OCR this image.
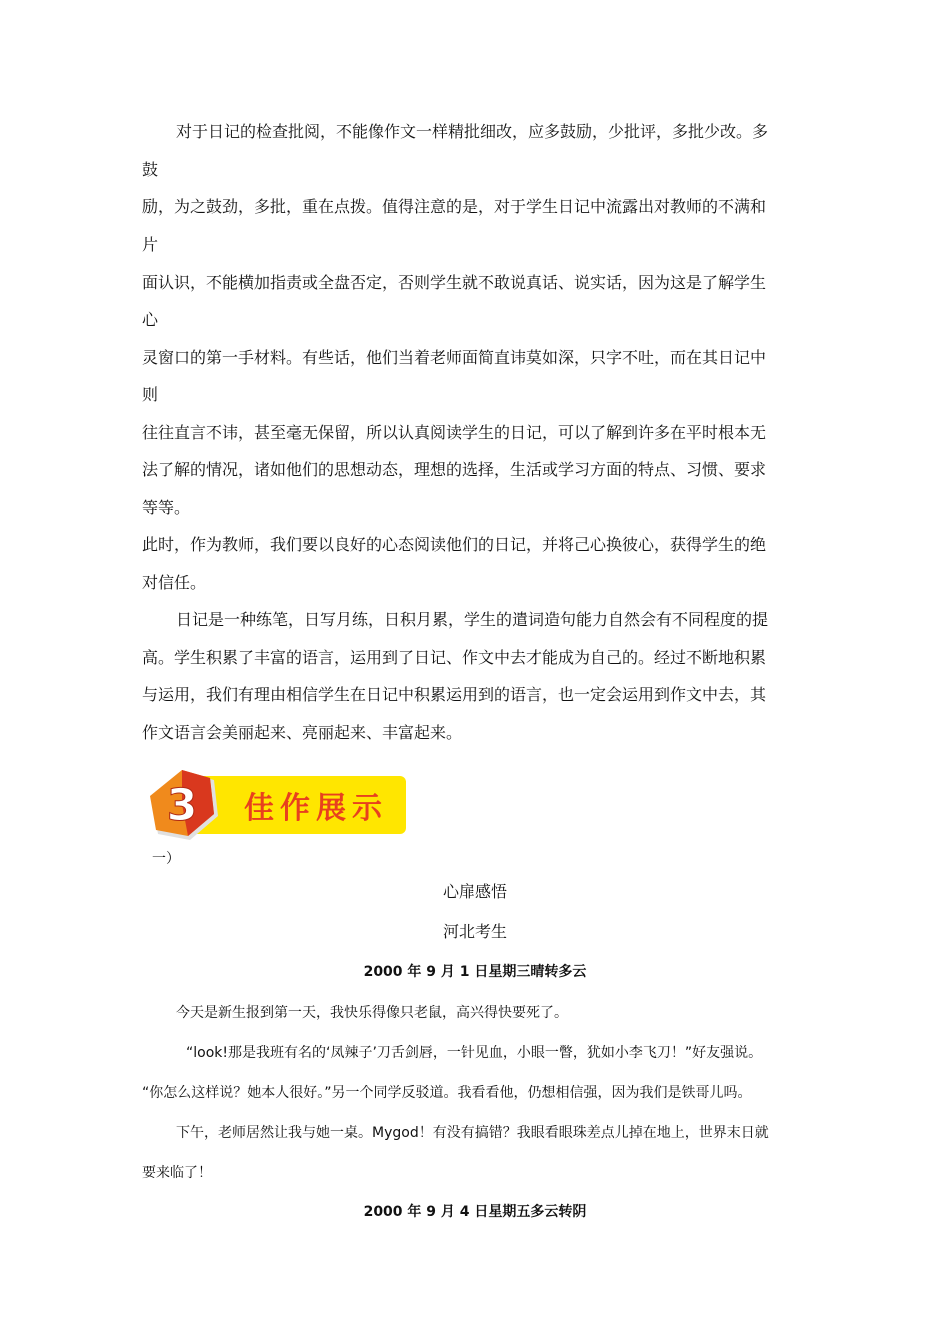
对于日记的检查批阅，不能像作文一样精批细改，应多鼓励，少批评，多批少改。多
鼓
励，为之鼓劲，多批，重在点拨。值得注意的是，对于学生日记中流露出对教师的不满和
片
面认识，不能横加指责或全盘否定，否则学生就不敢说真话、说实话，因为这是了解学生
心
灵窗口的第一手材料。有些话，他们当着老师面简直讳莫如深，只字不吐，而在其日记中
则
往往直言不讳，甚至毫无保留，所以认真阅读学生的日记，可以了解到许多在平时根本无
法了解的情况，诸如他们的思想动态，理想的选择，生活或学习方面的特点、习惯、要求
等等。
此时，作为教师，我们要以良好的心态阅读他们的日记，并将己心换彼心，获得学生的绝
对信任。
日记是一种练笔，日写月练，日积月累，学生的遣词造句能力自然会有不同程度的提
高。学生积累了丰富的语言，运用到了日记、作文中去才能成为自己的。经过不断地积累
与运用，我们有理由相信学生在日记中积累运用到的语言，也一定会运用到作文中去，其
作文语言会美丽起来、亮丽起来、丰富起来。
3 佳作展示
一）
心扉感悟
河北考生
2000 年 9 月 1 日星期三晴转多云
今天是新生报到第一天，我快乐得像只老鼠，高兴得快要死了。
“look!那是我班有名的‘凤辣子’刀舌剑唇，一针见血，小眼一瞥，犹如小李飞刀！”好友强说。
“你怎么这样说？她本人很好。”另一个同学反驳道。我看看他，仍想相信强，因为我们是铁哥儿吗。
下午，老师居然让我与她一桌。Mygod！有没有搞错？我眼看眼珠差点儿掉在地上，世界末日就
要来临了！
2000 年 9 月 4 日星期五多云转阴
